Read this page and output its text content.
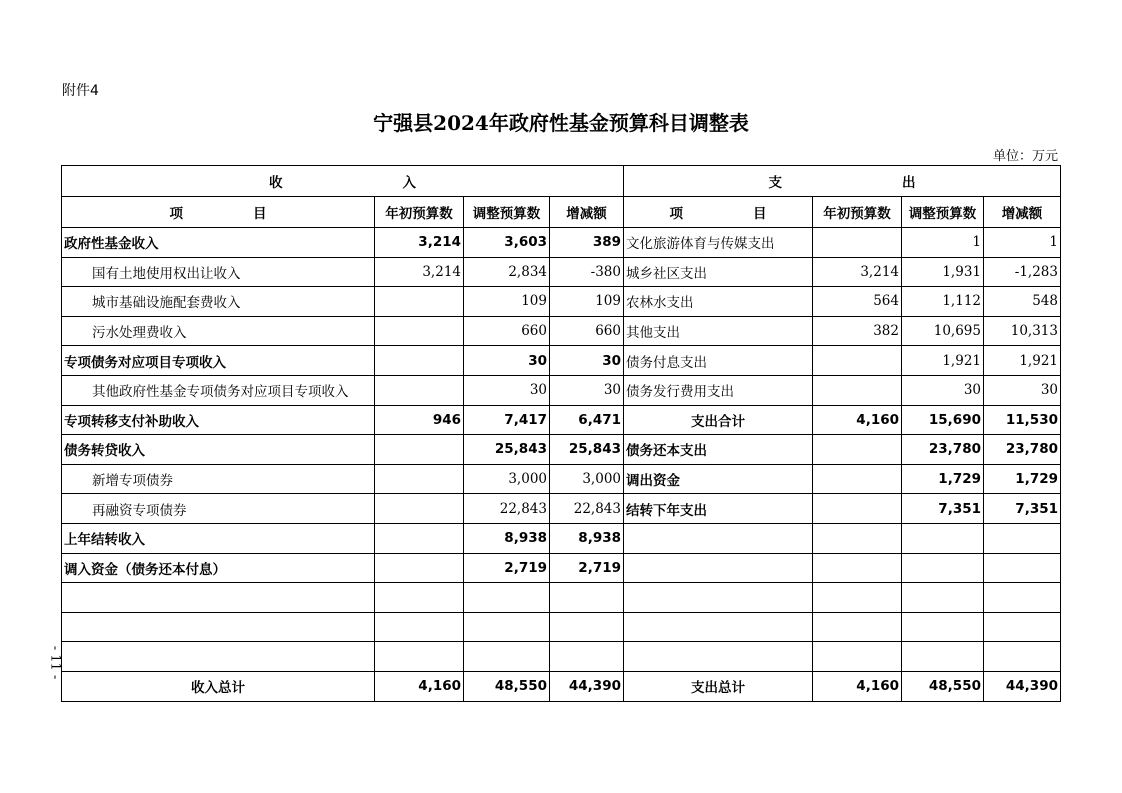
附件4
宁强县2024年政府性基金预算科目调整表
单位：万元
- 11 -
收 入				支 出			
项 目	年初预算数	调整预算数	增减额	项 目	年初预算数	调整预算数	增减额
政府性基金收入	3,214	3,603	389	文化旅游体育与传媒支出		1	1
国有土地使用权出让收入	3,214	2,834	-380	城乡社区支出	3,214	1,931	-1,283
城市基础设施配套费收入		109	109	农林水支出	564	1,112	548
污水处理费收入		660	660	其他支出	382	10,695	10,313
专项债务对应项目专项收入		30	30	债务付息支出		1,921	1,921
其他政府性基金专项债务对应项目专项收入		30	30	债务发行费用支出		30	30
专项转移支付补助收入	946	7,417	6,471	支出合计	4,160	15,690	11,530
债务转贷收入		25,843	25,843	债务还本支出		23,780	23,780
新增专项债券		3,000	3,000	调出资金		1,729	1,729
再融资专项债券		22,843	22,843	结转下年支出		7,351	7,351
上年结转收入		8,938	8,938				
调入资金（债务还本付息）		2,719	2,719				

收入总计	4,160	48,550	44,390	支出总计	4,160	48,550	44,390
